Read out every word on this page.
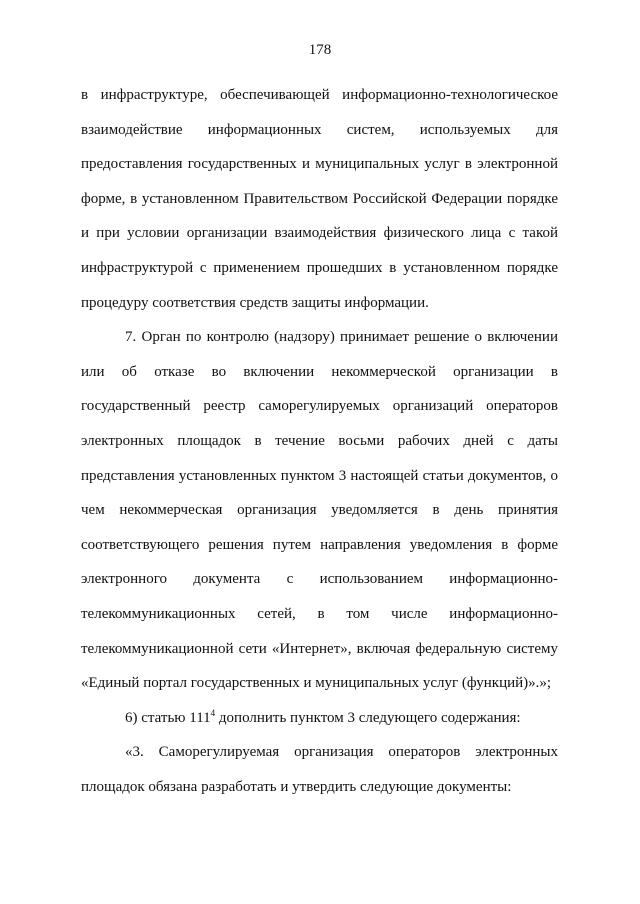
178
в инфраструктуре, обеспечивающей информационно-технологическое
взаимодействие информационных систем, используемых для
предоставления государственных и муниципальных услуг в электронной
форме, в установленном Правительством Российской Федерации порядке
и при условии организации взаимодействия физического лица с такой
инфраструктурой с применением прошедших в установленном порядке
процедуру соответствия средств защиты информации.
7. Орган по контролю (надзору) принимает решение о включении
или об отказе во включении некоммерческой организации в
государственный реестр саморегулируемых организаций операторов
электронных площадок в течение восьми рабочих дней с даты
представления установленных пунктом 3 настоящей статьи документов, о
чем некоммерческая организация уведомляется в день принятия
соответствующего решения путем направления уведомления в форме
электронного документа с использованием информационно-
телекоммуникационных сетей, в том числе информационно-
телекоммуникационной сети «Интернет», включая федеральную систему
«Единый портал государственных и муниципальных услуг (функций)».»;
6) статью $111^4$ дополнить пунктом 3 следующего содержания:
«3. Саморегулируемая организация операторов электронных
площадок обязана разработать и утвердить следующие документы:
